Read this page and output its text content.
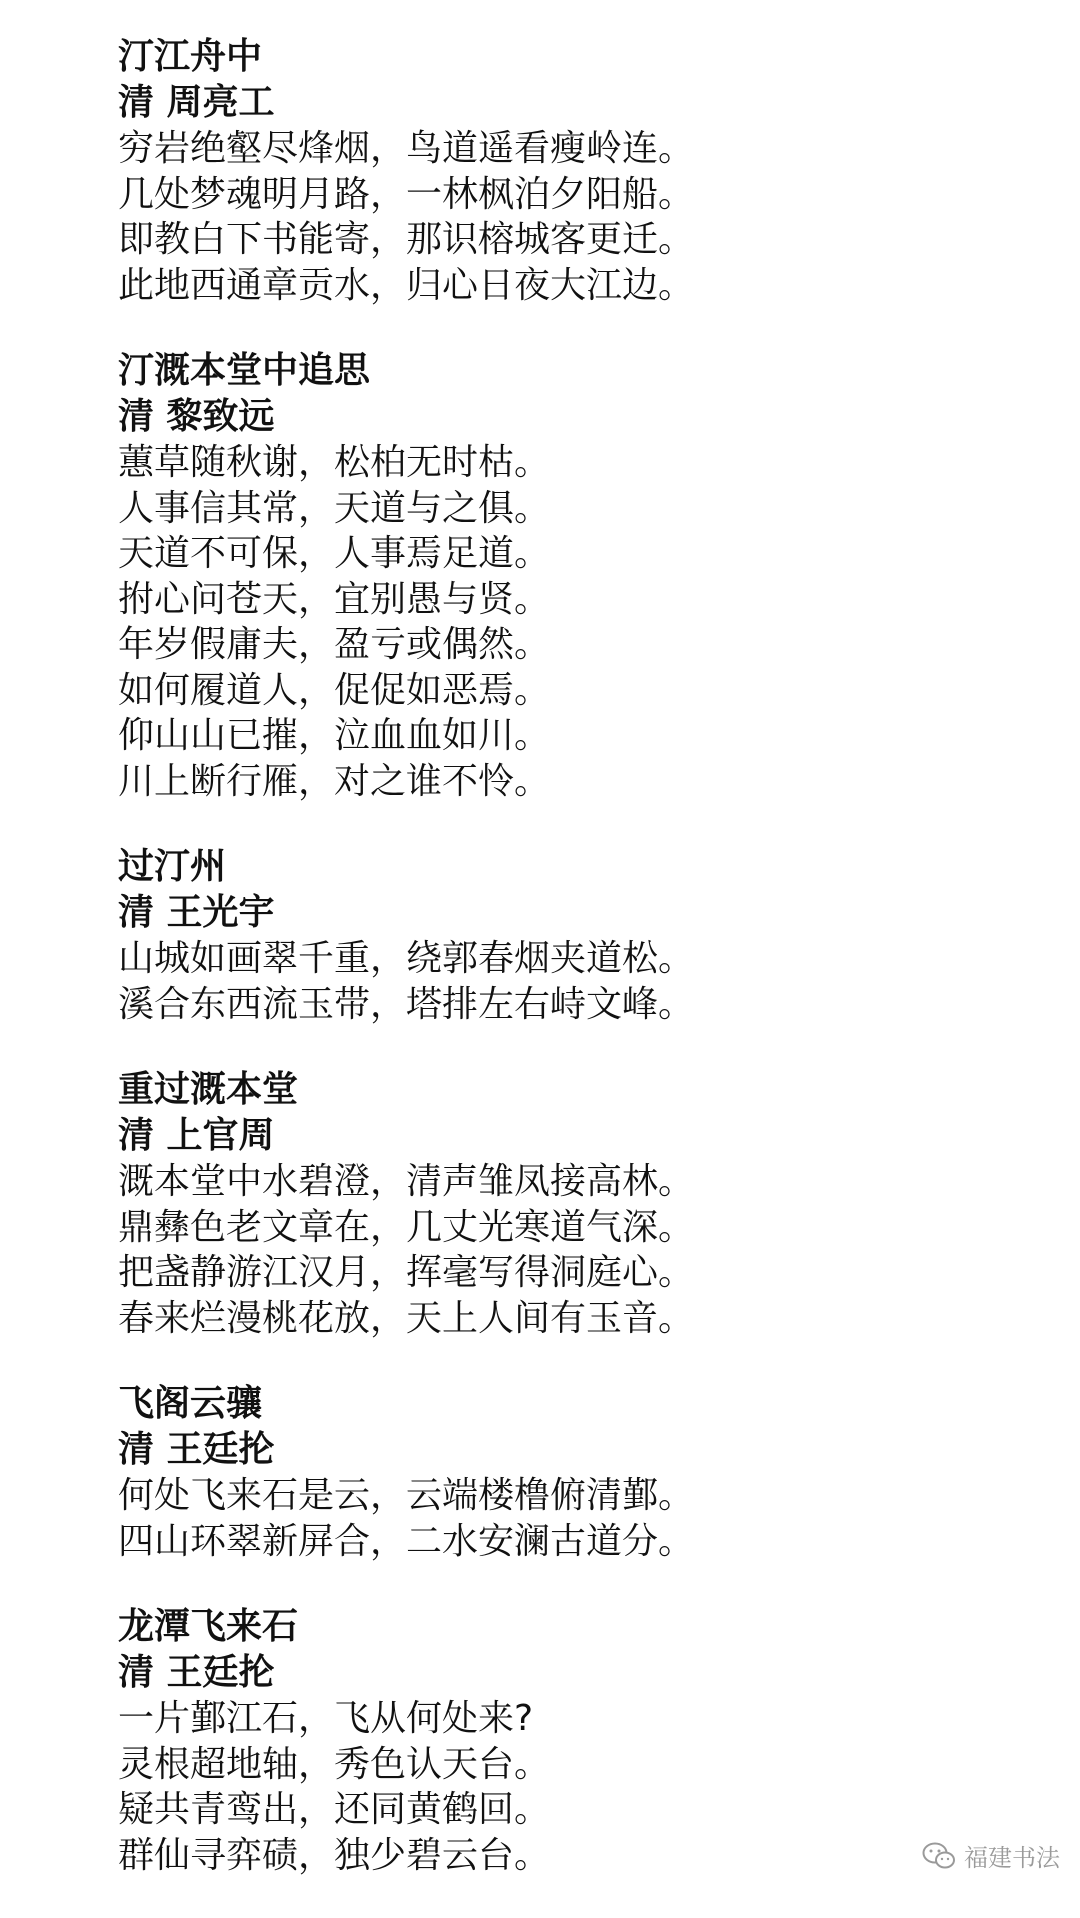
汀江舟中
清 周亮工
穷岩绝壑尽烽烟，鸟道遥看瘦岭连。
几处梦魂明月路，一林枫泊夕阳船。
即教白下书能寄，那识榕城客更迁。
此地西通章贡水，归心日夜大江边。
汀溉本堂中追思
清 黎致远
蕙草随秋谢，松柏无时枯。
人事信其常，天道与之俱。
天道不可保，人事焉足道。
拊心问苍天，宜别愚与贤。
年岁假庸夫，盈亏或偶然。
如何履道人，促促如恶焉。
仰山山已摧，泣血血如川。
川上断行雁，对之谁不怜。
过汀州
清 王光宇
山城如画翠千重，绕郭春烟夹道松。
溪合东西流玉带，塔排左右峙文峰。
重过溉本堂
清 上官周
溉本堂中水碧澄，清声雏凤接高林。
鼎彝色老文章在，几丈光寒道气深。
把盏静游江汉月，挥毫写得洞庭心。
春来烂漫桃花放，天上人间有玉音。
飞阁云骧
清 王廷抡
何处飞来石是云，云端楼橹俯清鄞。
四山环翠新屏合，二水安澜古道分。
龙潭飞来石
清 王廷抡
一片鄞江石，飞从何处来?
灵根超地轴，秀色认天台。
疑共青鸾出，还同黄鹤回。
群仙寻弈碛，独少碧云台。	福建书法
